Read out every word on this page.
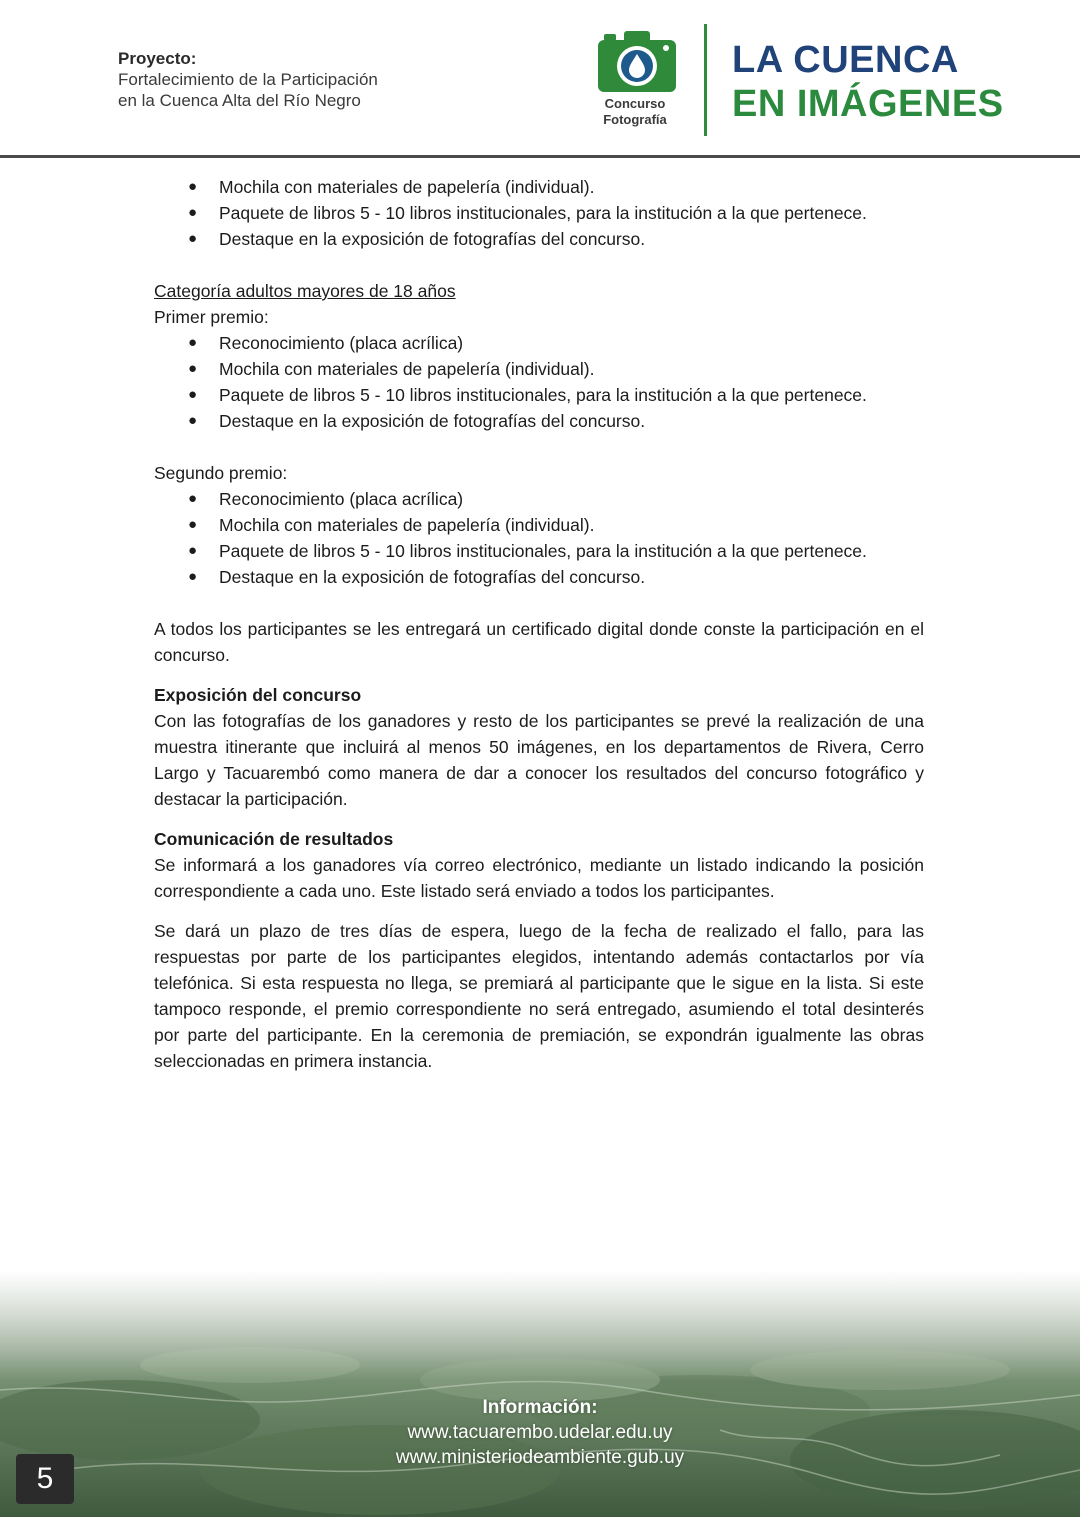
Proyecto:
Fortalecimiento de la Participación
en la Cuenca Alta del Río Negro	Concurso
Fotografía
LA CUENCA
EN IMÁGENES
● Mochila con materiales de papelería (individual).
● Paquete de libros 5 - 10 libros institucionales, para la institución a la que pertenece.
● Destaque en la exposición de fotografías del concurso.

Categoría adultos mayores de 18 años

Primer premio:

● Reconocimiento (placa acrílica)
● Mochila con materiales de papelería (individual).
● Paquete de libros 5 - 10 libros institucionales, para la institución a la que pertenece.
● Destaque en la exposición de fotografías del concurso.

Segundo premio:

● Reconocimiento (placa acrílica)
● Mochila con materiales de papelería (individual).
● Paquete de libros 5 - 10 libros institucionales, para la institución a la que pertenece.
● Destaque en la exposición de fotografías del concurso.

A todos los participantes se les entregará un certificado digital donde conste la participación en el concurso.

Exposición del concurso

Con las fotografías de los ganadores y resto de los participantes se prevé la realización de una muestra itinerante que incluirá al menos 50 imágenes, en los departamentos de Rivera, Cerro Largo y Tacuarembó como manera de dar a conocer los resultados del concurso fotográfico y destacar la participación.

Comunicación de resultados

Se informará a los ganadores vía correo electrónico, mediante un listado indicando la posición correspondiente a cada uno. Este listado será enviado a todos los participantes.

Se dará un plazo de tres días de espera, luego de la fecha de realizado el fallo, para las respuestas por parte de los participantes elegidos, intentando además contactarlos por vía telefónica. Si esta respuesta no llega, se premiará al participante que le sigue en la lista. Si este tampoco responde, el premio correspondiente no será entregado, asumiendo el total desinterés por parte del participante. En la ceremonia de premiación, se expondrán igualmente las obras seleccionadas en primera instancia.

Información:
www.tacuarembo.udelar.edu.uy
www.ministeriodeambiente.gub.uy
5
